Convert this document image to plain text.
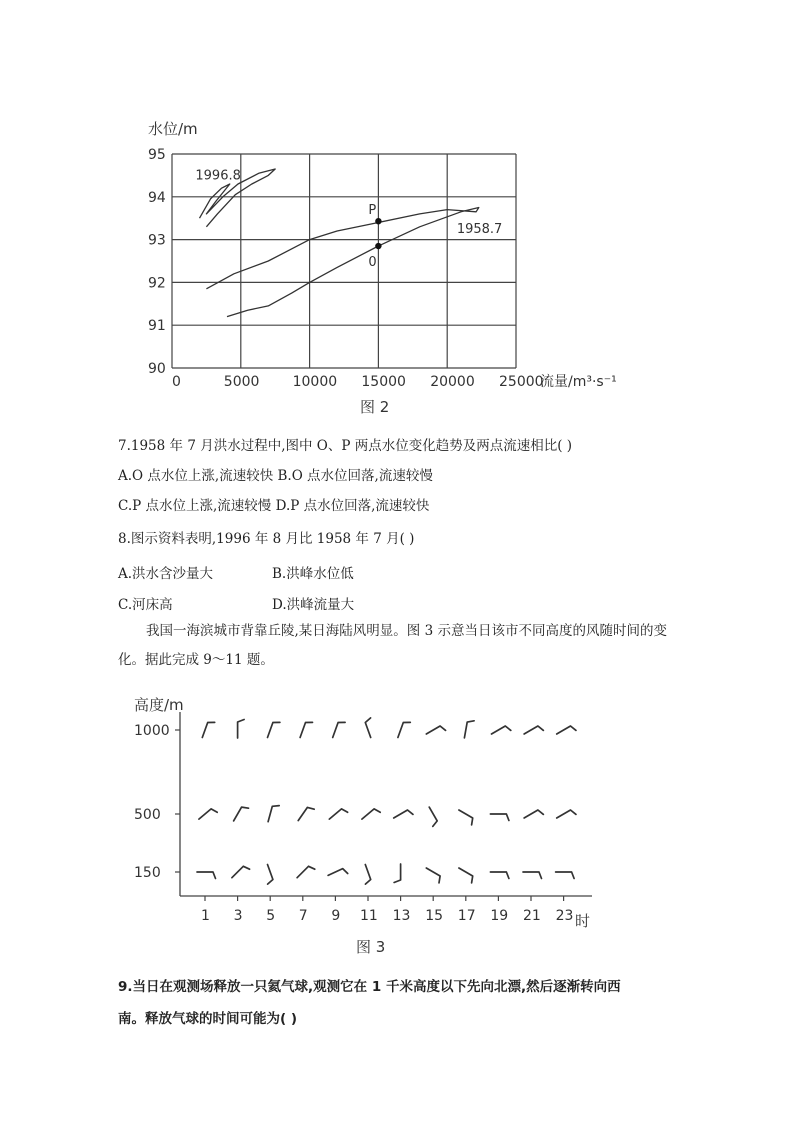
水位/m
90
91
92
93
94
95
0	5000 10000 15000 20000 25000
1996.8
1958.7
P
0
流量/m³·s⁻¹
图 2
7.1958 年 7 月洪水过程中,图中 O、P 两点水位变化趋势及两点流速相比( )
A.O 点水位上涨,流速较快 B.O 点水位回落,流速较慢
C.P 点水位上涨,流速较慢 D.P 点水位回落,流速较快
8.图示资料表明,1996 年 8 月比 1958 年 7 月( )
A.洪水含沙量大	B.洪峰水位低
C.河床高	D.洪峰流量大
我国一海滨城市背靠丘陵,某日海陆风明显。图 3 示意当日该市不同高度的风随时间的变化。据此完成 9～11 题。
高度/m
1000
500
150
1 3 5 7 9 11 13 15 17 19 21 23 时
图 3
9.当日在观测场释放一只氦气球,观测它在 1 千米高度以下先向北漂,然后逐渐转向西
南。释放气球的时间可能为( )
